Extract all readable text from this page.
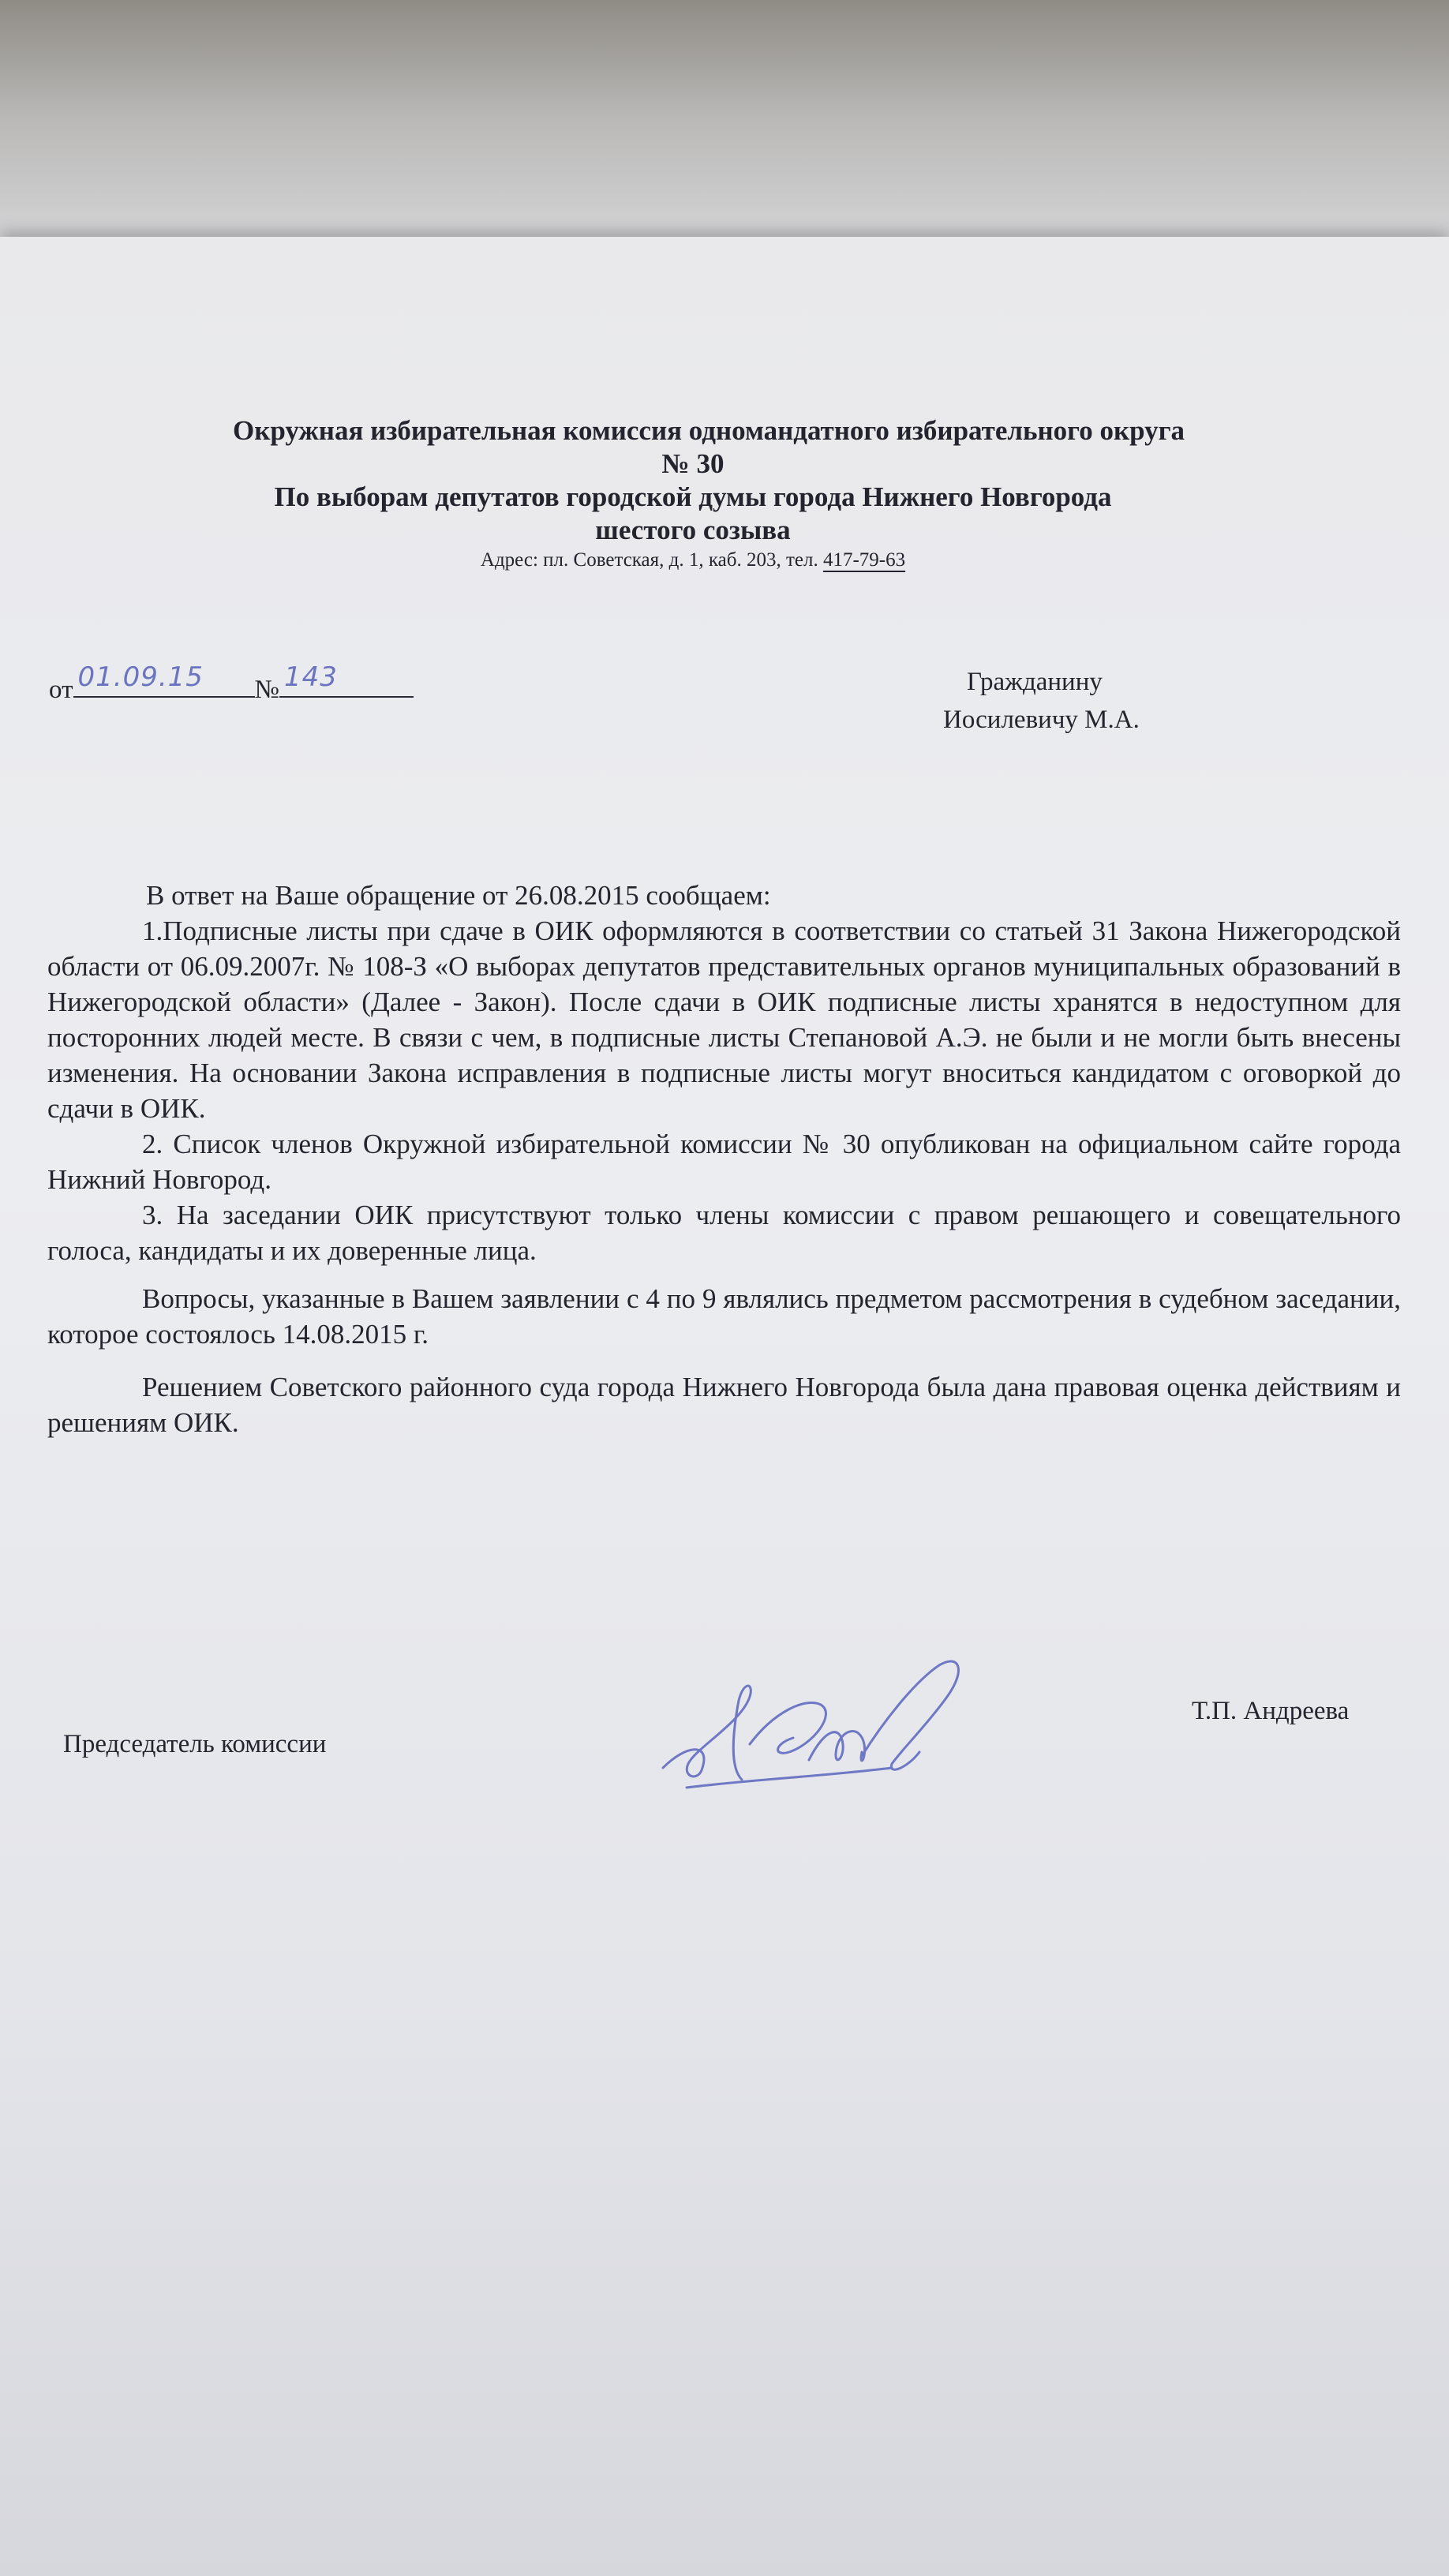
Окружная избирательная комиссия одномандатного избирательного округа
№ 30
По выборам депутатов городской думы города Нижнего Новгорода
шестого созыва
Адрес: пл. Советская, д. 1, каб. 203, тел. 417-79-63
от 01.09.15 № 143	Гражданину
Иосилевичу М.А.

В ответ на Ваше обращение от 26.08.2015 сообщаем:

1.Подписные листы при сдаче в ОИК оформляются в соответствии со статьей 31 Закона Нижегородской области от 06.09.2007г. № 108-З «О выборах депутатов представительных органов муниципальных образований в Нижегородской области» (Далее - Закон). После сдачи в ОИК подписные листы хранятся в недоступном для посторонних людей месте. В связи с чем, в подписные листы Степановой А.Э. не были и не могли быть внесены изменения. На основании Закона исправления в подписные листы могут вноситься кандидатом с оговоркой до сдачи в ОИК.

2. Список членов Окружной избирательной комиссии № 30 опубликован на официальном сайте города Нижний Новгород.

3. На заседании ОИК присутствуют только члены комиссии с правом решающего и совещательного голоса, кандидаты и их доверенные лица.

Вопросы, указанные в Вашем заявлении с 4 по 9 являлись предметом рассмотрения в судебном заседании, которое состоялось 14.08.2015 г.

Решением Советского районного суда города Нижнего Новгорода была дана правовая оценка действиям и решениям ОИК.

Председатель комиссии
Т.П. Андреева
